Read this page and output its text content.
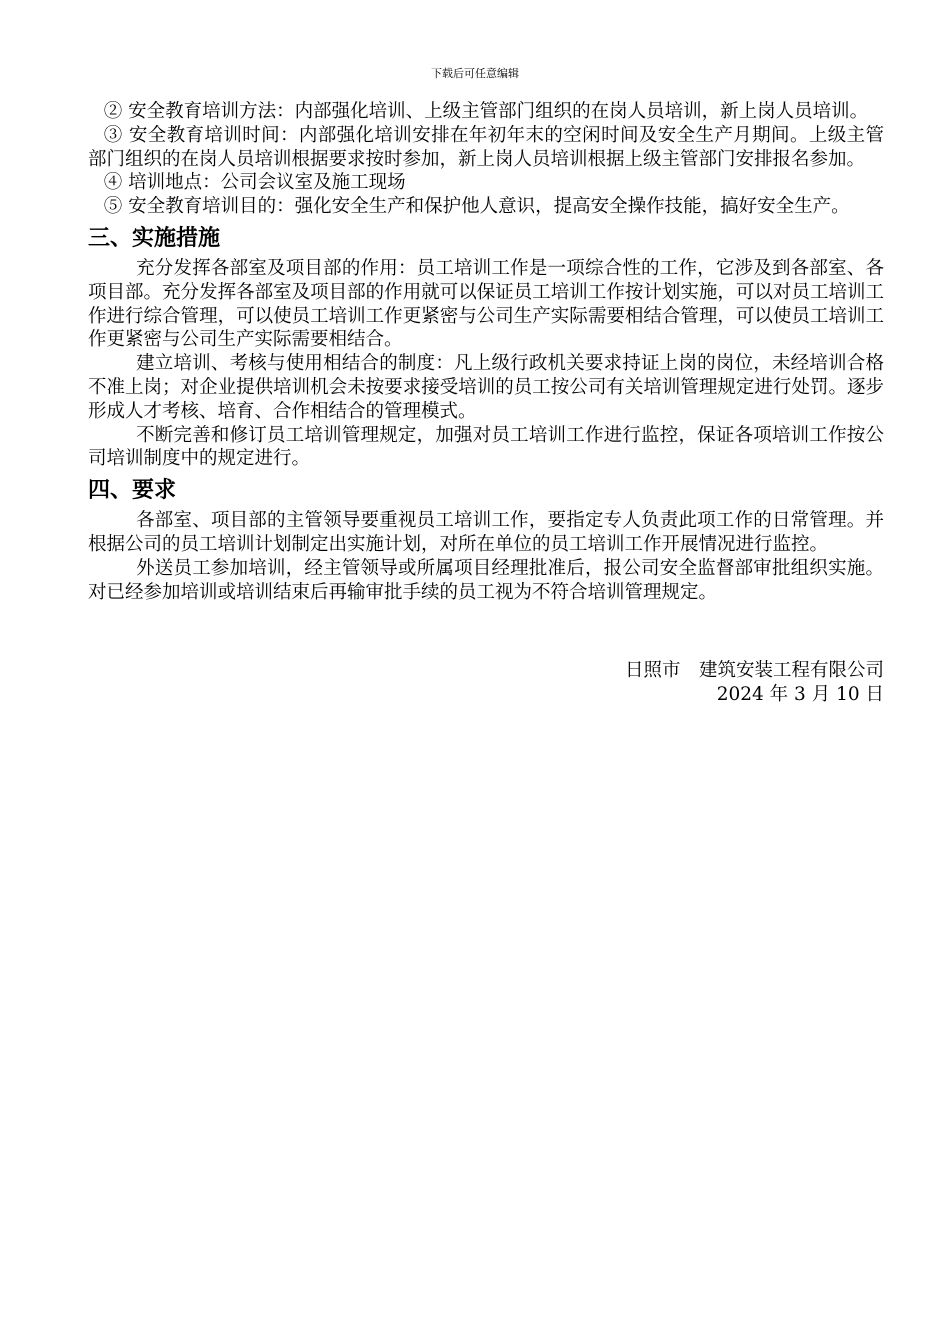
下载后可任意编辑

② 安全教育培训方法：内部强化培训、上级主管部门组织的在岗人员培训，新上岗人员培训。

③ 安全教育培训时间：内部强化培训安排在年初年末的空闲时间及安全生产月期间。上级主管部门组织的在岗人员培训根据要求按时参加，新上岗人员培训根据上级主管部门安排报名参加。

④ 培训地点：公司会议室及施工现场

⑤ 安全教育培训目的：强化安全生产和保护他人意识，提高安全操作技能，搞好安全生产。

三、实施措施

充分发挥各部室及项目部的作用：员工培训工作是一项综合性的工作，它涉及到各部室、各项目部。充分发挥各部室及项目部的作用就可以保证员工培训工作按计划实施，可以对员工培训工作进行综合管理，可以使员工培训工作更紧密与公司生产实际需要相结合管理，可以使员工培训工作更紧密与公司生产实际需要相结合。

建立培训、考核与使用相结合的制度：凡上级行政机关要求持证上岗的岗位，未经培训合格不准上岗；对企业提供培训机会未按要求接受培训的员工按公司有关培训管理规定进行处罚。逐步形成人才考核、培育、合作相结合的管理模式。

不断完善和修订员工培训管理规定，加强对员工培训工作进行监控，保证各项培训工作按公司培训制度中的规定进行。

四、要求

各部室、项目部的主管领导要重视员工培训工作，要指定专人负责此项工作的日常管理。并根据公司的员工培训计划制定出实施计划，对所在单位的员工培训工作开展情况进行监控。

外送员工参加培训，经主管领导或所属项目经理批准后，报公司安全监督部审批组织实施。对已经参加培训或培训结束后再输审批手续的员工视为不符合培训管理规定。

日照市　建筑安装工程有限公司
2024 年 3 月 10 日
